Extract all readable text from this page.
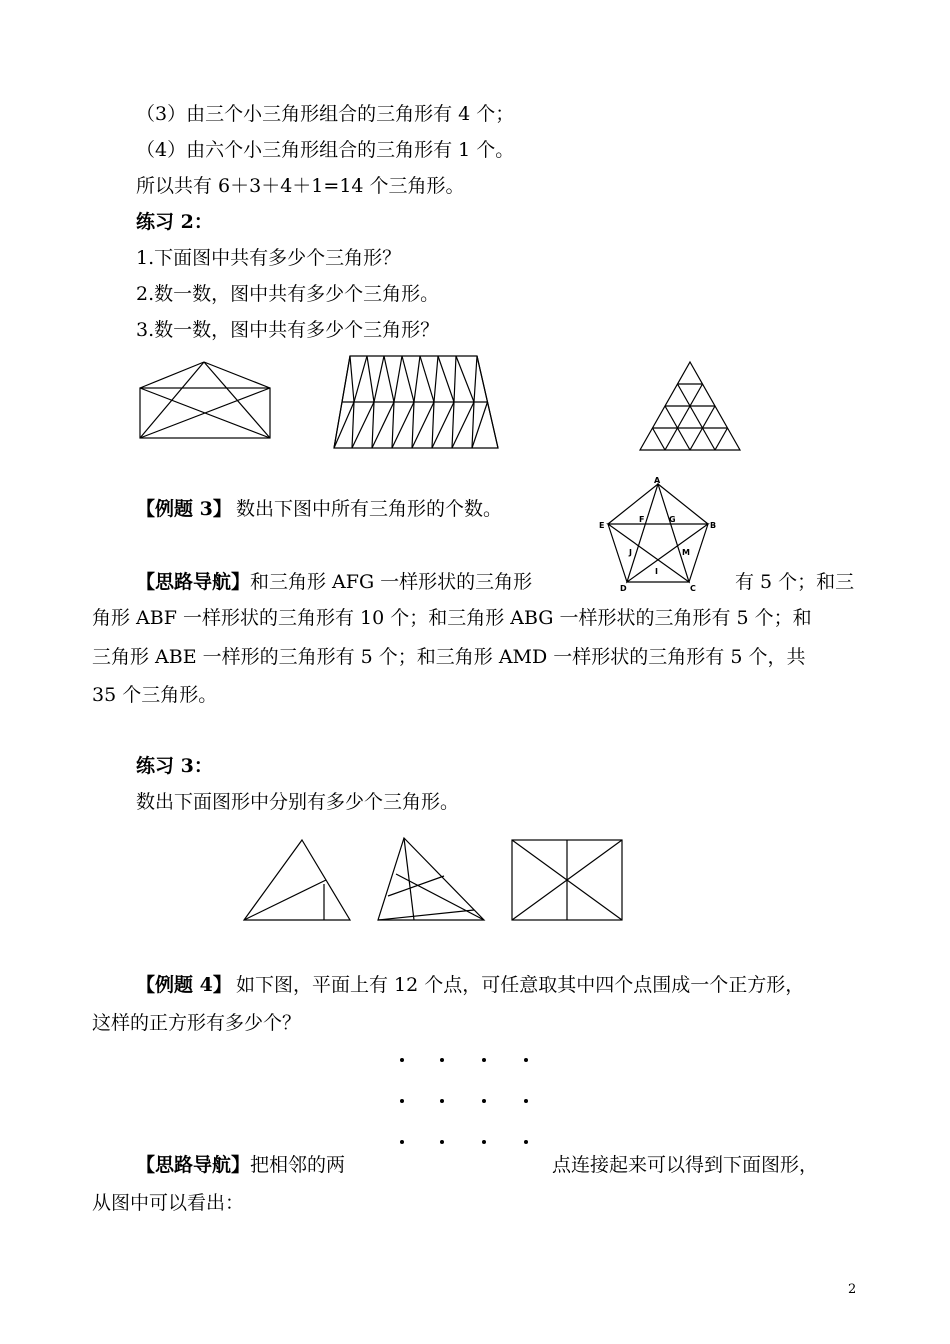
（3）由三个小三角形组合的三角形有 4 个；
（4）由六个小三角形组合的三角形有 1 个。
所以共有 6＋3＋4＋1=14 个三角形。
练习 2：
1.下面图中共有多少个三角形？
2.数一数，图中共有多少个三角形。
3.数一数，图中共有多少个三角形？
【例题 3】 数出下图中所有三角形的个数。
A
B
C
D
E
F	G
I
J	M
【思路导航】 和三角形 AFG 一样形状的三角形	有 5 个；和三
角形 ABF 一样形状的三角形有 10 个；和三角形 ABG 一样形状的三角形有 5 个；和
三角形 ABE 一样形的三角形有 5 个；和三角形 AMD 一样形状的三角形有 5 个，共
35 个三角形。
练习 3：
数出下面图形中分别有多少个三角形。
【例题 4】 如下图，平面上有 12 个点，可任意取其中四个点围成一个正方形，
这样的正方形有多少个？
【思路导航】 把相邻的两	点连接起来可以得到下面图形，
从图中可以看出：
2
